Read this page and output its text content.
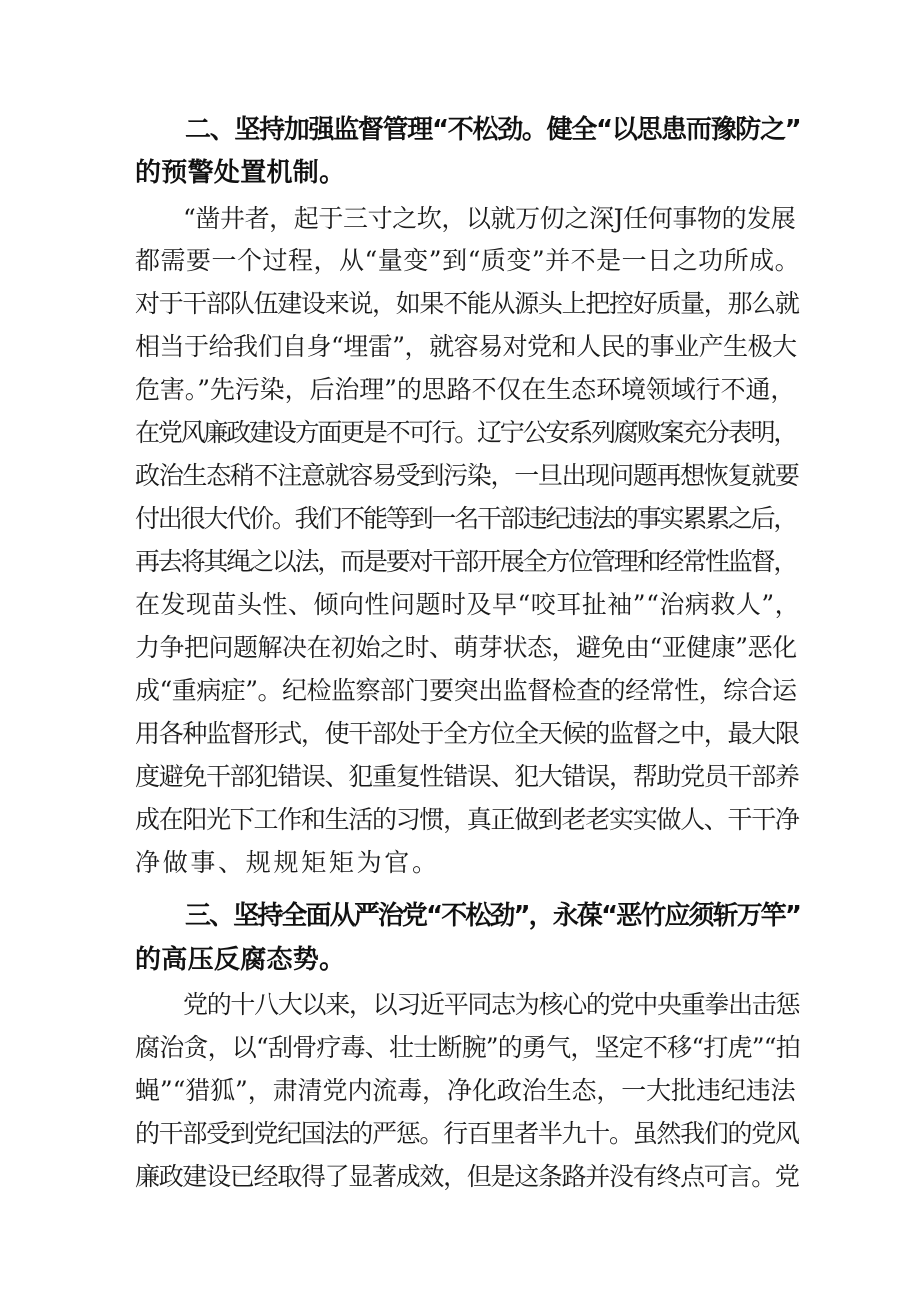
二、坚持加强监督管理“不松劲。健全“以思患而豫防之”
的预警处置机制。
“凿井者，起于三寸之坎，以就万仞之深J任何事物的发展
都需要一个过程，从“量变”到“质变”并不是一日之功所成。
对于干部队伍建设来说，如果不能从源头上把控好质量，那么就
相当于给我们自身“埋雷”，就容易对党和人民的事业产生极大
危害。”先污染，后治理”的思路不仅在生态环境领域行不通，
在党风廉政建设方面更是不可行。辽宁公安系列腐败案充分表明，
政治生态稍不注意就容易受到污染，一旦出现问题再想恢复就要
付出很大代价。我们不能等到一名干部违纪违法的事实累累之后，
再去将其绳之以法，而是要对干部开展全方位管理和经常性监督，
在发现苗头性、倾向性问题时及早“咬耳扯袖”“治病救人”，
力争把问题解决在初始之时、萌芽状态，避免由“亚健康”恶化
成“重病症”。纪检监察部门要突出监督检查的经常性，综合运
用各种监督形式，使干部处于全方位全天候的监督之中，最大限
度避免干部犯错误、犯重复性错误、犯大错误，帮助党员干部养
成在阳光下工作和生活的习惯，真正做到老老实实做人、干干净
净做事、规规矩矩为官。
三、坚持全面从严治党“不松劲”，永葆“恶竹应须斩万竿”
的高压反腐态势。
党的十八大以来，以习近平同志为核心的党中央重拳出击惩
腐治贪，以“刮骨疗毒、壮士断腕”的勇气，坚定不移“打虎”“拍
蝇”“猎狐”，肃清党内流毒，净化政治生态，一大批违纪违法
的干部受到党纪国法的严惩。行百里者半九十。虽然我们的党风
廉政建设已经取得了显著成效，但是这条路并没有终点可言。党
